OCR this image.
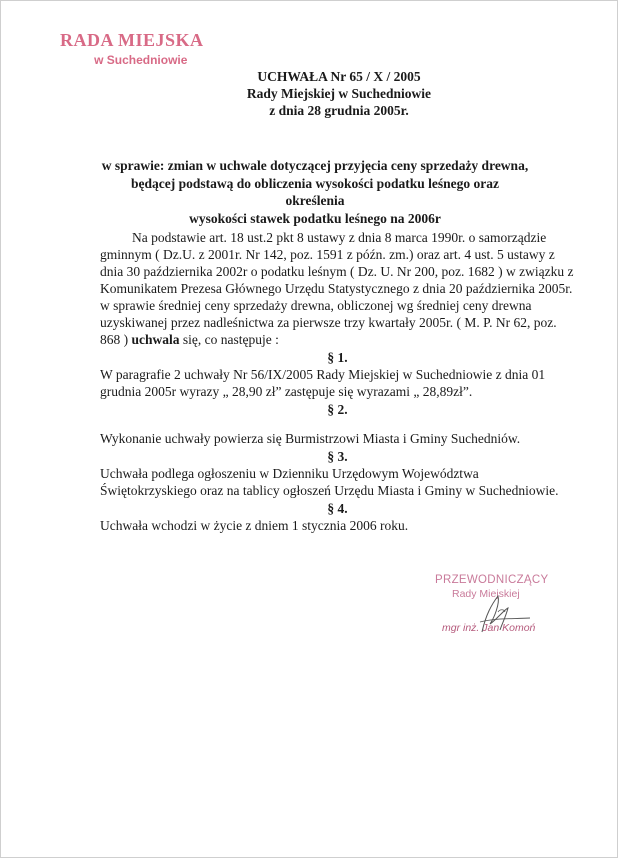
RADA MIEJSKA
w Suchedniowie
UCHWAŁA Nr 65 / X / 2005
Rady Miejskiej w Suchedniowie
z dnia 28 grudnia 2005r.
w sprawie: zmian w uchwale dotyczącej przyjęcia ceny sprzedaży drewna,
będącej podstawą do obliczenia wysokości podatku leśnego oraz określenia
wysokości stawek podatku leśnego na 2006r
Na podstawie art. 18 ust.2 pkt 8 ustawy z dnia 8 marca 1990r. o samorządzie gminnym ( Dz.U. z 2001r. Nr 142, poz. 1591 z późn. zm.) oraz art. 4 ust. 5 ustawy z dnia 30 października 2002r o podatku leśnym ( Dz. U. Nr 200, poz. 1682 ) w związku z Komunikatem Prezesa Głównego Urzędu Statystycznego z dnia 20 października 2005r. w sprawie średniej ceny sprzedaży drewna, obliczonej wg średniej ceny drewna uzyskiwanej przez nadleśnictwa za pierwsze trzy kwartały 2005r. ( M. P. Nr 62, poz. 868 ) uchwala się, co następuje :
§ 1.
W paragrafie 2 uchwały Nr 56/IX/2005 Rady Miejskiej w Suchedniowie z dnia 01 grudnia 2005r wyrazy „ 28,90 zł” zastępuje się wyrazami „ 28,89zł”.
§ 2.
Wykonanie uchwały powierza się Burmistrzowi Miasta i Gminy Suchedniów.
§ 3.
Uchwała podlega ogłoszeniu w Dzienniku Urzędowym Województwa Świętokrzyskiego oraz na tablicy ogłoszeń Urzędu Miasta i Gminy w Suchedniowie.
§ 4.
Uchwała wchodzi w życie z dniem 1 stycznia 2006 roku.
PRZEWODNICZĄCY
Rady Miejskiej
mgr inż. Jan Komoń
